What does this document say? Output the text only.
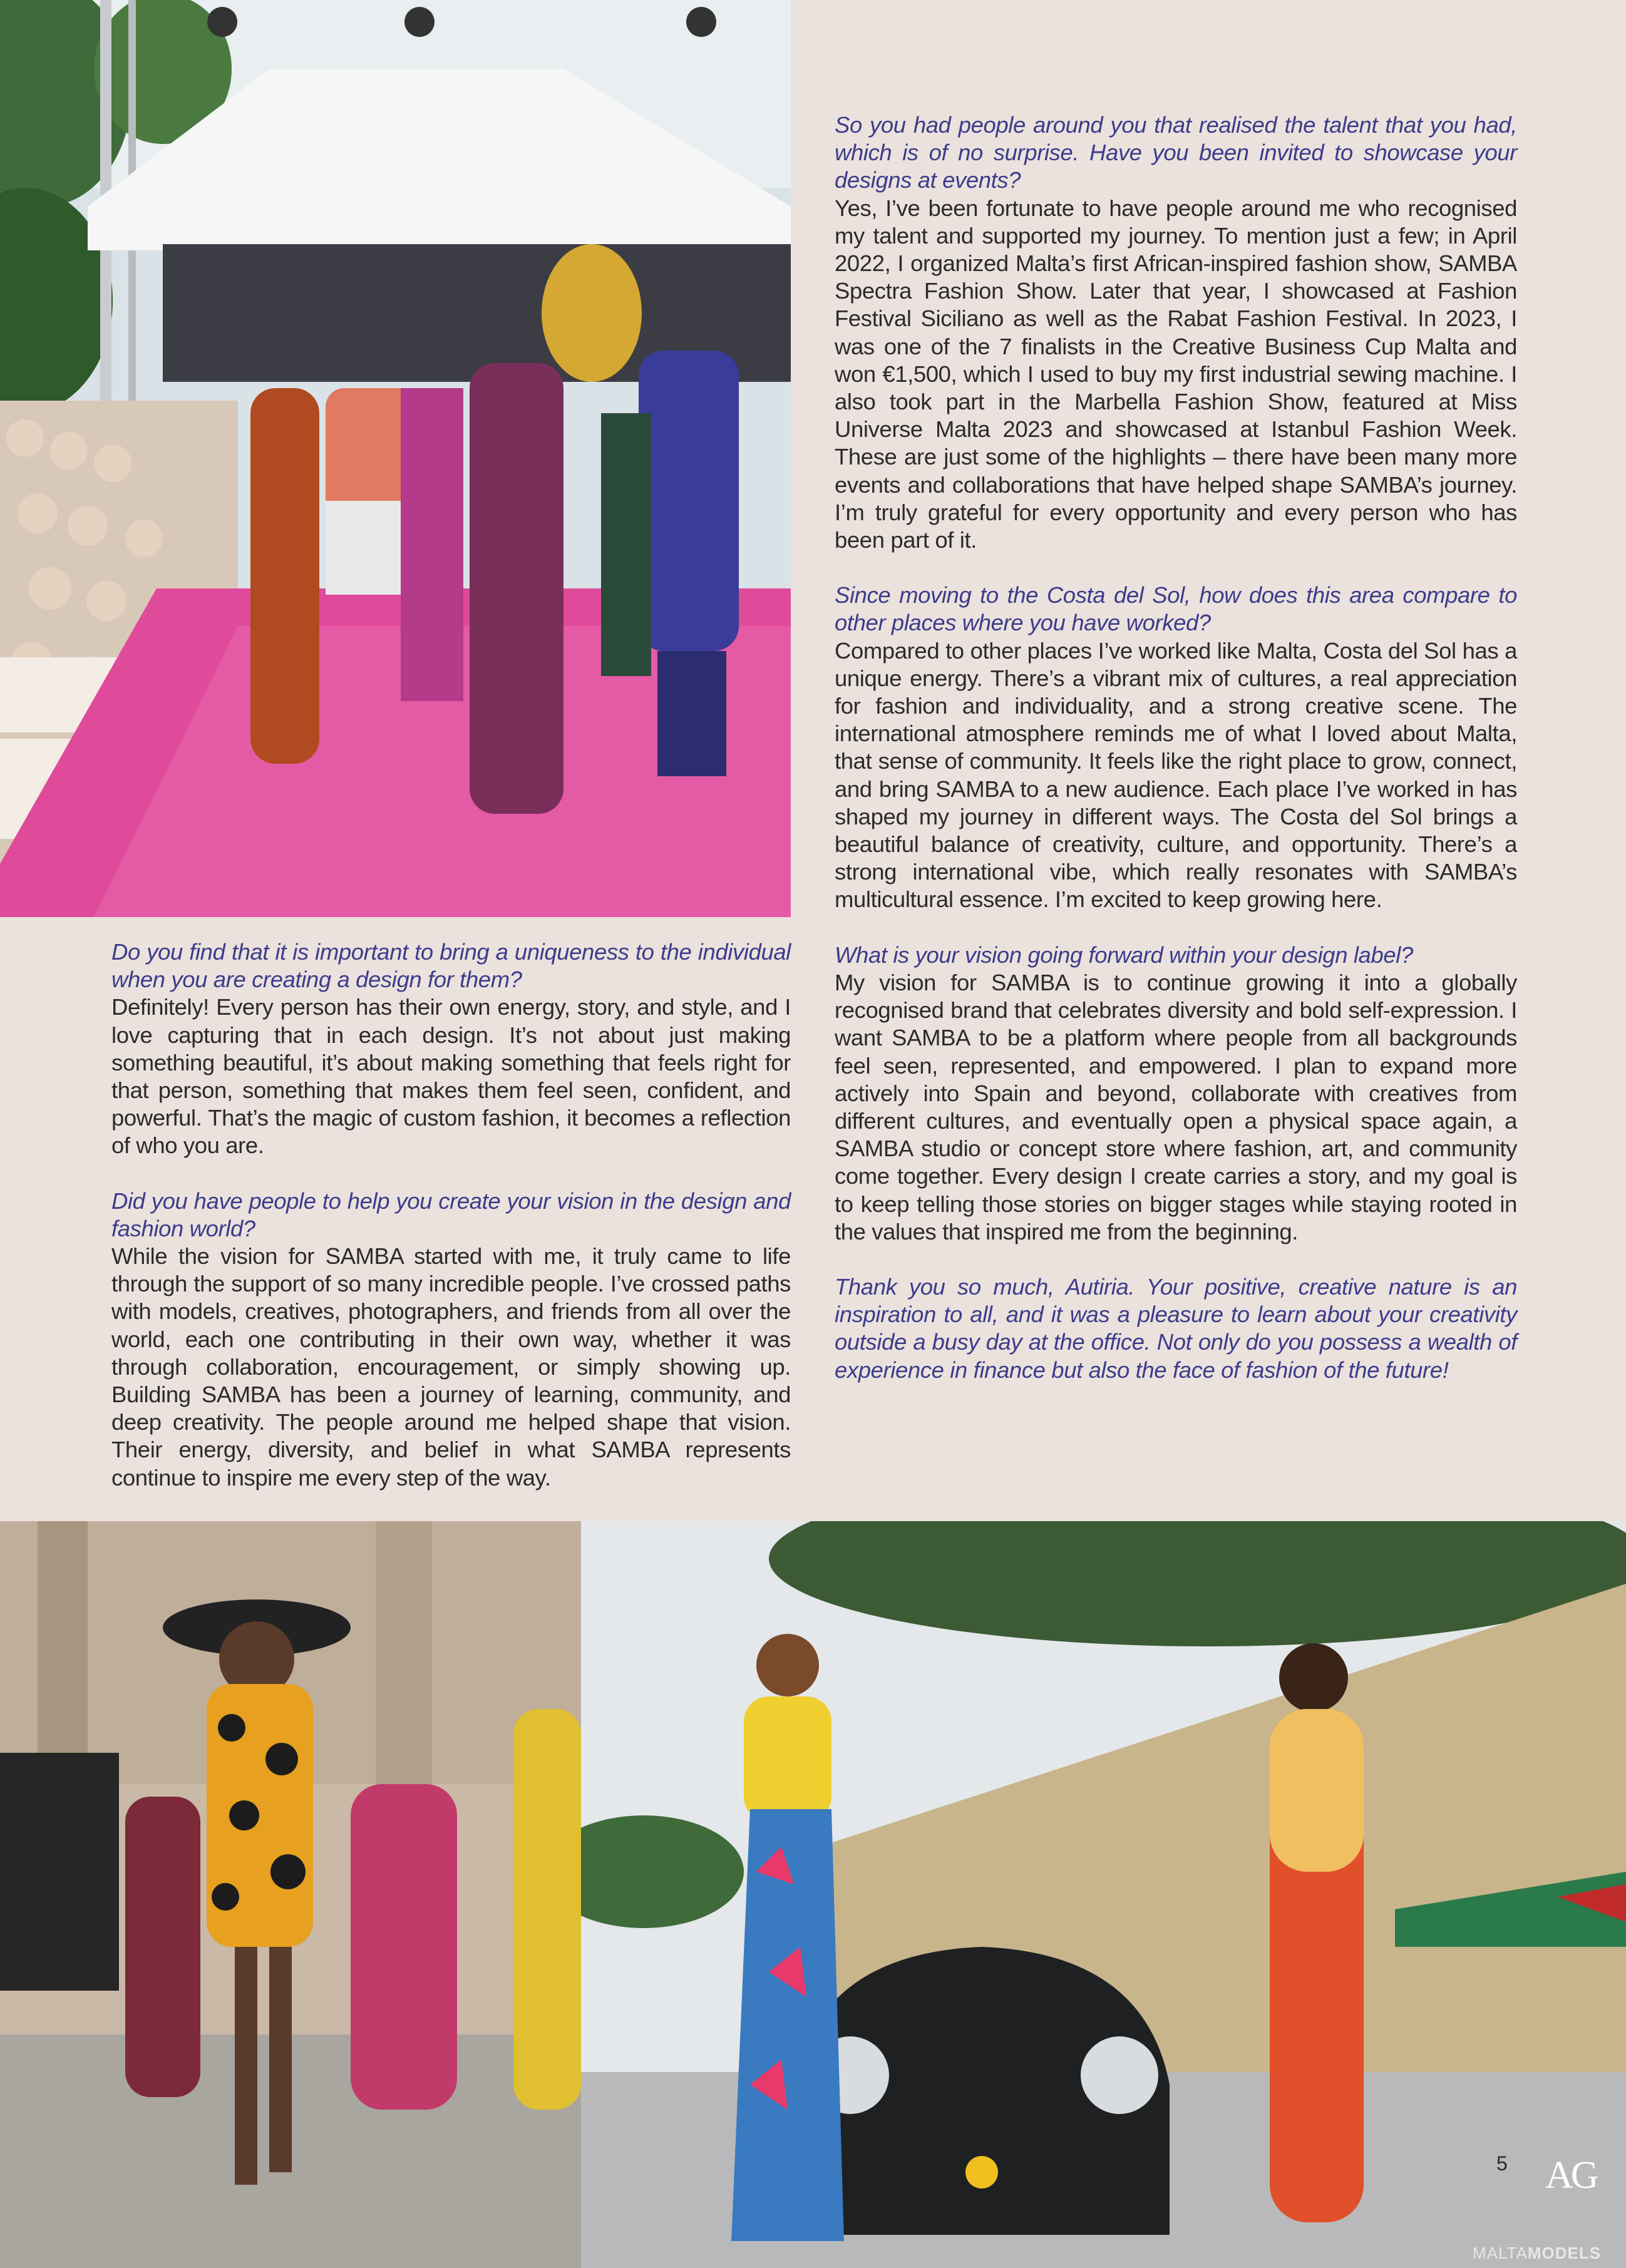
Do you find that it is important to bring a uniqueness to the individual when you are creating a design for them?

Definitely! Every person has their own energy, story, and style, and I love capturing that in each design. It’s not about just making something beautiful, it’s about making something that feels right for that person, something that makes them feel seen, confident, and powerful. That’s the magic of custom fashion, it becomes a reflection of who you are.

Did you have people to help you create your vision in the design and fashion world?

While the vision for SAMBA started with me, it truly came to life through the support of so many incredible people. I’ve crossed paths with models, creatives, photographers, and friends from all over the world, each one contributing in their own way, whether it was through collaboration, encouragement, or simply showing up. Building SAMBA has been a journey of learning, community, and deep creativity. The people around me helped shape that vision. Their energy, diversity, and belief in what SAMBA represents continue to inspire me every step of the way.

So you had people around you that realised the talent that you had, which is of no surprise. Have you been invited to showcase your designs at events?

Yes, I’ve been fortunate to have people around me who recognised my talent and supported my journey. To mention just a few; in April 2022, I organized Malta’s first African-inspired fashion show, SAMBA Spectra Fashion Show. Later that year, I showcased at Fashion Festival Siciliano as well as the Rabat Fashion Festival. In 2023, I was one of the 7 finalists in the Creative Business Cup Malta and won €1,500, which I used to buy my first industrial sewing machine. I also took part in the Marbella Fashion Show, featured at Miss Universe Malta 2023 and showcased at Istanbul Fashion Week. These are just some of the highlights – there have been many more events and collaborations that have helped shape SAMBA’s journey. I’m truly grateful for every opportunity and every person who has been part of it.

Since moving to the Costa del Sol, how does this area compare to other places where you have worked?

Compared to other places I’ve worked like Malta, Costa del Sol has a unique energy. There’s a vibrant mix of cultures, a real appreciation for fashion and individuality, and a strong creative scene. The international atmosphere reminds me of what I loved about Malta, that sense of community. It feels like the right place to grow, connect, and bring SAMBA to a new audience. Each place I’ve worked in has shaped my journey in different ways. The Costa del Sol brings a beautiful balance of creativity, culture, and opportunity. There’s a strong international vibe, which really resonates with SAMBA’s multicultural essence. I’m excited to keep growing here.

What is your vision going forward within your design label?

My vision for SAMBA is to continue growing it into a globally recognised brand that celebrates diversity and bold self-expression. I want SAMBA to be a platform where people from all backgrounds feel seen, represented, and empowered. I plan to expand more actively into Spain and beyond, collaborate with creatives from different cultures, and eventually open a physical space again, a SAMBA studio or concept store where fashion, art, and community come together. Every design I create carries a story, and my goal is to keep telling those stories on bigger stages while staying rooted in the values that inspired me from the beginning.

Thank you so much, Autiria. Your positive, creative nature is an inspiration to all, and it was a pleasure to learn about your creativity outside a busy day at the office. Not only do you possess a wealth of experience in finance but also the face of fashion of the future!

5 AG
MALTAMODELS
